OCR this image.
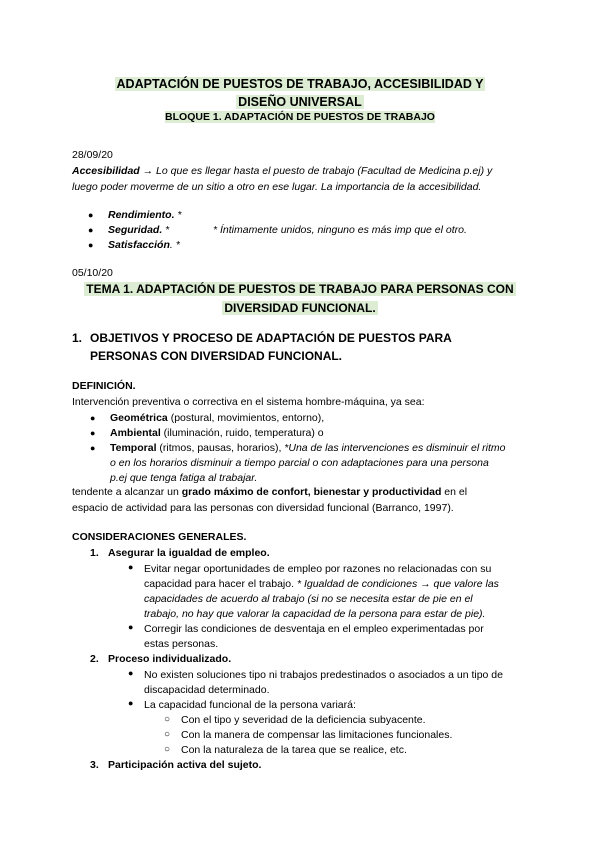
ADAPTACIÓN DE PUESTOS DE TRABAJO, ACCESIBILIDAD Y
DISEÑO UNIVERSAL
BLOQUE 1. ADAPTACIÓN DE PUESTOS DE TRABAJO
28/09/20
Accesibilidad → Lo que es llegar hasta el puesto de trabajo (Facultad de Medicina p.ej) y
luego poder moverme de un sitio a otro en ese lugar. La importancia de la accesibilidad.
● Rendimiento. *
● Seguridad. *	* Íntimamente unidos, ninguno es más imp que el otro.
● Satisfacción. *
05/10/20
TEMA 1. ADAPTACIÓN DE PUESTOS DE TRABAJO PARA PERSONAS CON
DIVERSIDAD FUNCIONAL.
1. OBJETIVOS Y PROCESO DE ADAPTACIÓN DE PUESTOS PARA
PERSONAS CON DIVERSIDAD FUNCIONAL.
DEFINICIÓN.
Intervención preventiva o correctiva en el sistema hombre-máquina, ya sea:
● Geométrica (postural, movimientos, entorno),
● Ambiental (iluminación, ruido, temperatura) o
● Temporal (ritmos, pausas, horarios), *Una de las intervenciones es disminuir el ritmo
o en los horarios disminuir a tiempo parcial o con adaptaciones para una persona
p.ej que tenga fatiga al trabajar.
tendente a alcanzar un grado máximo de confort, bienestar y productividad en el
espacio de actividad para las personas con diversidad funcional (Barranco, 1997).
CONSIDERACIONES GENERALES.
1. Asegurar la igualdad de empleo.
● Evitar negar oportunidades de empleo por razones no relacionadas con su
capacidad para hacer el trabajo. * Igualdad de condiciones → que valore las
capacidades de acuerdo al trabajo (si no se necesita estar de pie en el
trabajo, no hay que valorar la capacidad de la persona para estar de pie).
● Corregir las condiciones de desventaja en el empleo experimentadas por
estas personas.
2. Proceso individualizado.
● No existen soluciones tipo ni trabajos predestinados o asociados a un tipo de
discapacidad determinado.
● La capacidad funcional de la persona variará:
○ Con el tipo y severidad de la deficiencia subyacente.
○ Con la manera de compensar las limitaciones funcionales.
○ Con la naturaleza de la tarea que se realice, etc.
3. Participación activa del sujeto.
